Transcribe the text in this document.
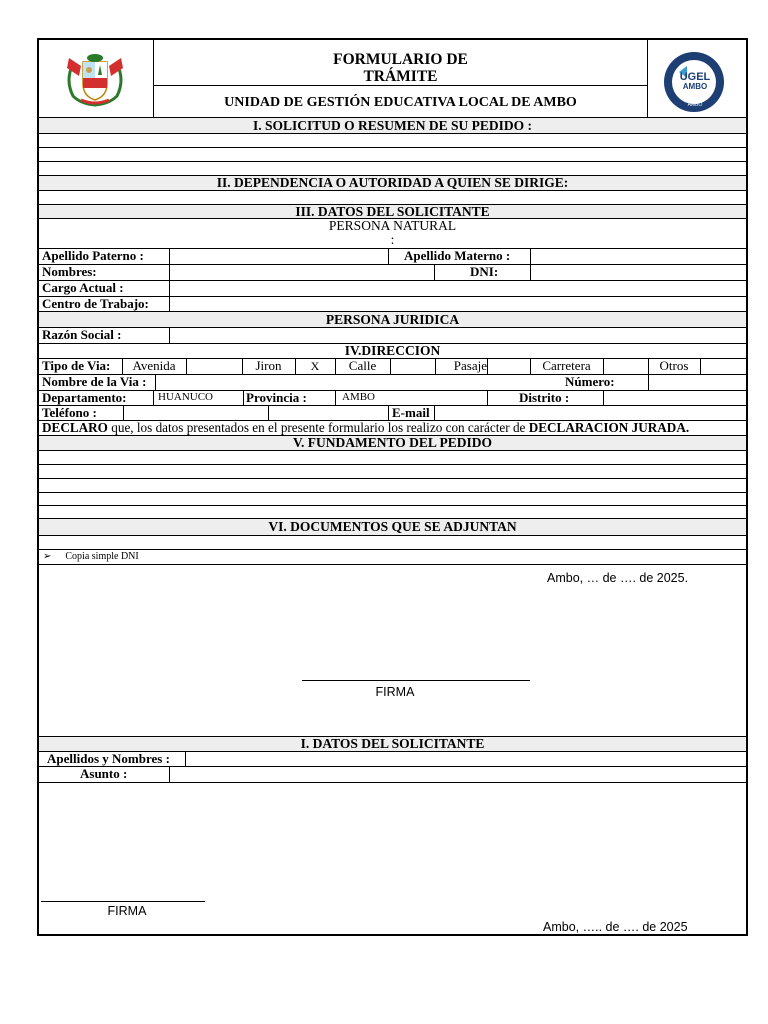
FORMULARIO DE
TRÁMITE
UNIDAD DE GESTIÓN EDUCATIVA LOCAL DE AMBO
UGEL
AMBO
AMBO
I. SOLICITUD O RESUMEN DE SU PEDIDO :
II. DEPENDENCIA O AUTORIDAD A QUIEN SE DIRIGE:
III. DATOS DEL SOLICITANTE
PERSONA NATURAL
:
Apellido Paterno :	Apellido Materno :
Nombres:	DNI:
Cargo Actual :
Centro de Trabajo:
PERSONA JURIDICA
Razón Social :
IV.DIRECCION
Tipo de Via:	Avenida	Jiron	X	Calle	Pasaje	Carretera	Otros
Nombre de la Via :	Número:
Departamento:	HUANUCO	Provincia :	AMBO	Distrito :
Teléfono :	E-mail
DECLARO que, los datos presentados en el presente formulario los realizo con carácter de DECLARACION JURADA.
V. FUNDAMENTO DEL PEDIDO
VI. DOCUMENTOS QUE SE ADJUNTAN
➢ Copia simple DNI
Ambo, … de …. de 2025.
FIRMA
I. DATOS DEL SOLICITANTE
Apellidos y Nombres :
Asunto :
FIRMA
Ambo, ….. de …. de 2025
